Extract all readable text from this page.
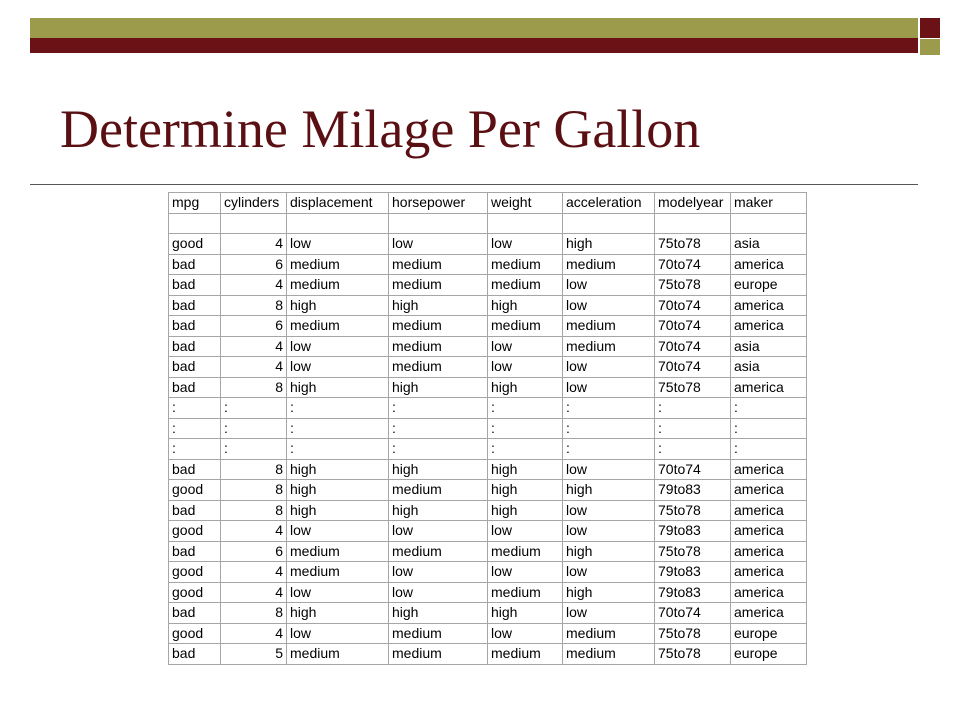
Determine Milage Per Gallon
mpg	cylinders	displacement	horsepower	weight	acceleration	modelyear	maker

good	4	low	low	low	high	75to78	asia
bad	6	medium	medium	medium	medium	70to74	america
bad	4	medium	medium	medium	low	75to78	europe
bad	8	high	high	high	low	70to74	america
bad	6	medium	medium	medium	medium	70to74	america
bad	4	low	medium	low	medium	70to74	asia
bad	4	low	medium	low	low	70to74	asia
bad	8	high	high	high	low	75to78	america
:	:	:	:	:	:	:	:
:	:	:	:	:	:	:	:
:	:	:	:	:	:	:	:
bad	8	high	high	high	low	70to74	america
good	8	high	medium	high	high	79to83	america
bad	8	high	high	high	low	75to78	america
good	4	low	low	low	low	79to83	america
bad	6	medium	medium	medium	high	75to78	america
good	4	medium	low	low	low	79to83	america
good	4	low	low	medium	high	79to83	america
bad	8	high	high	high	low	70to74	america
good	4	low	medium	low	medium	75to78	europe
bad	5	medium	medium	medium	medium	75to78	europe
